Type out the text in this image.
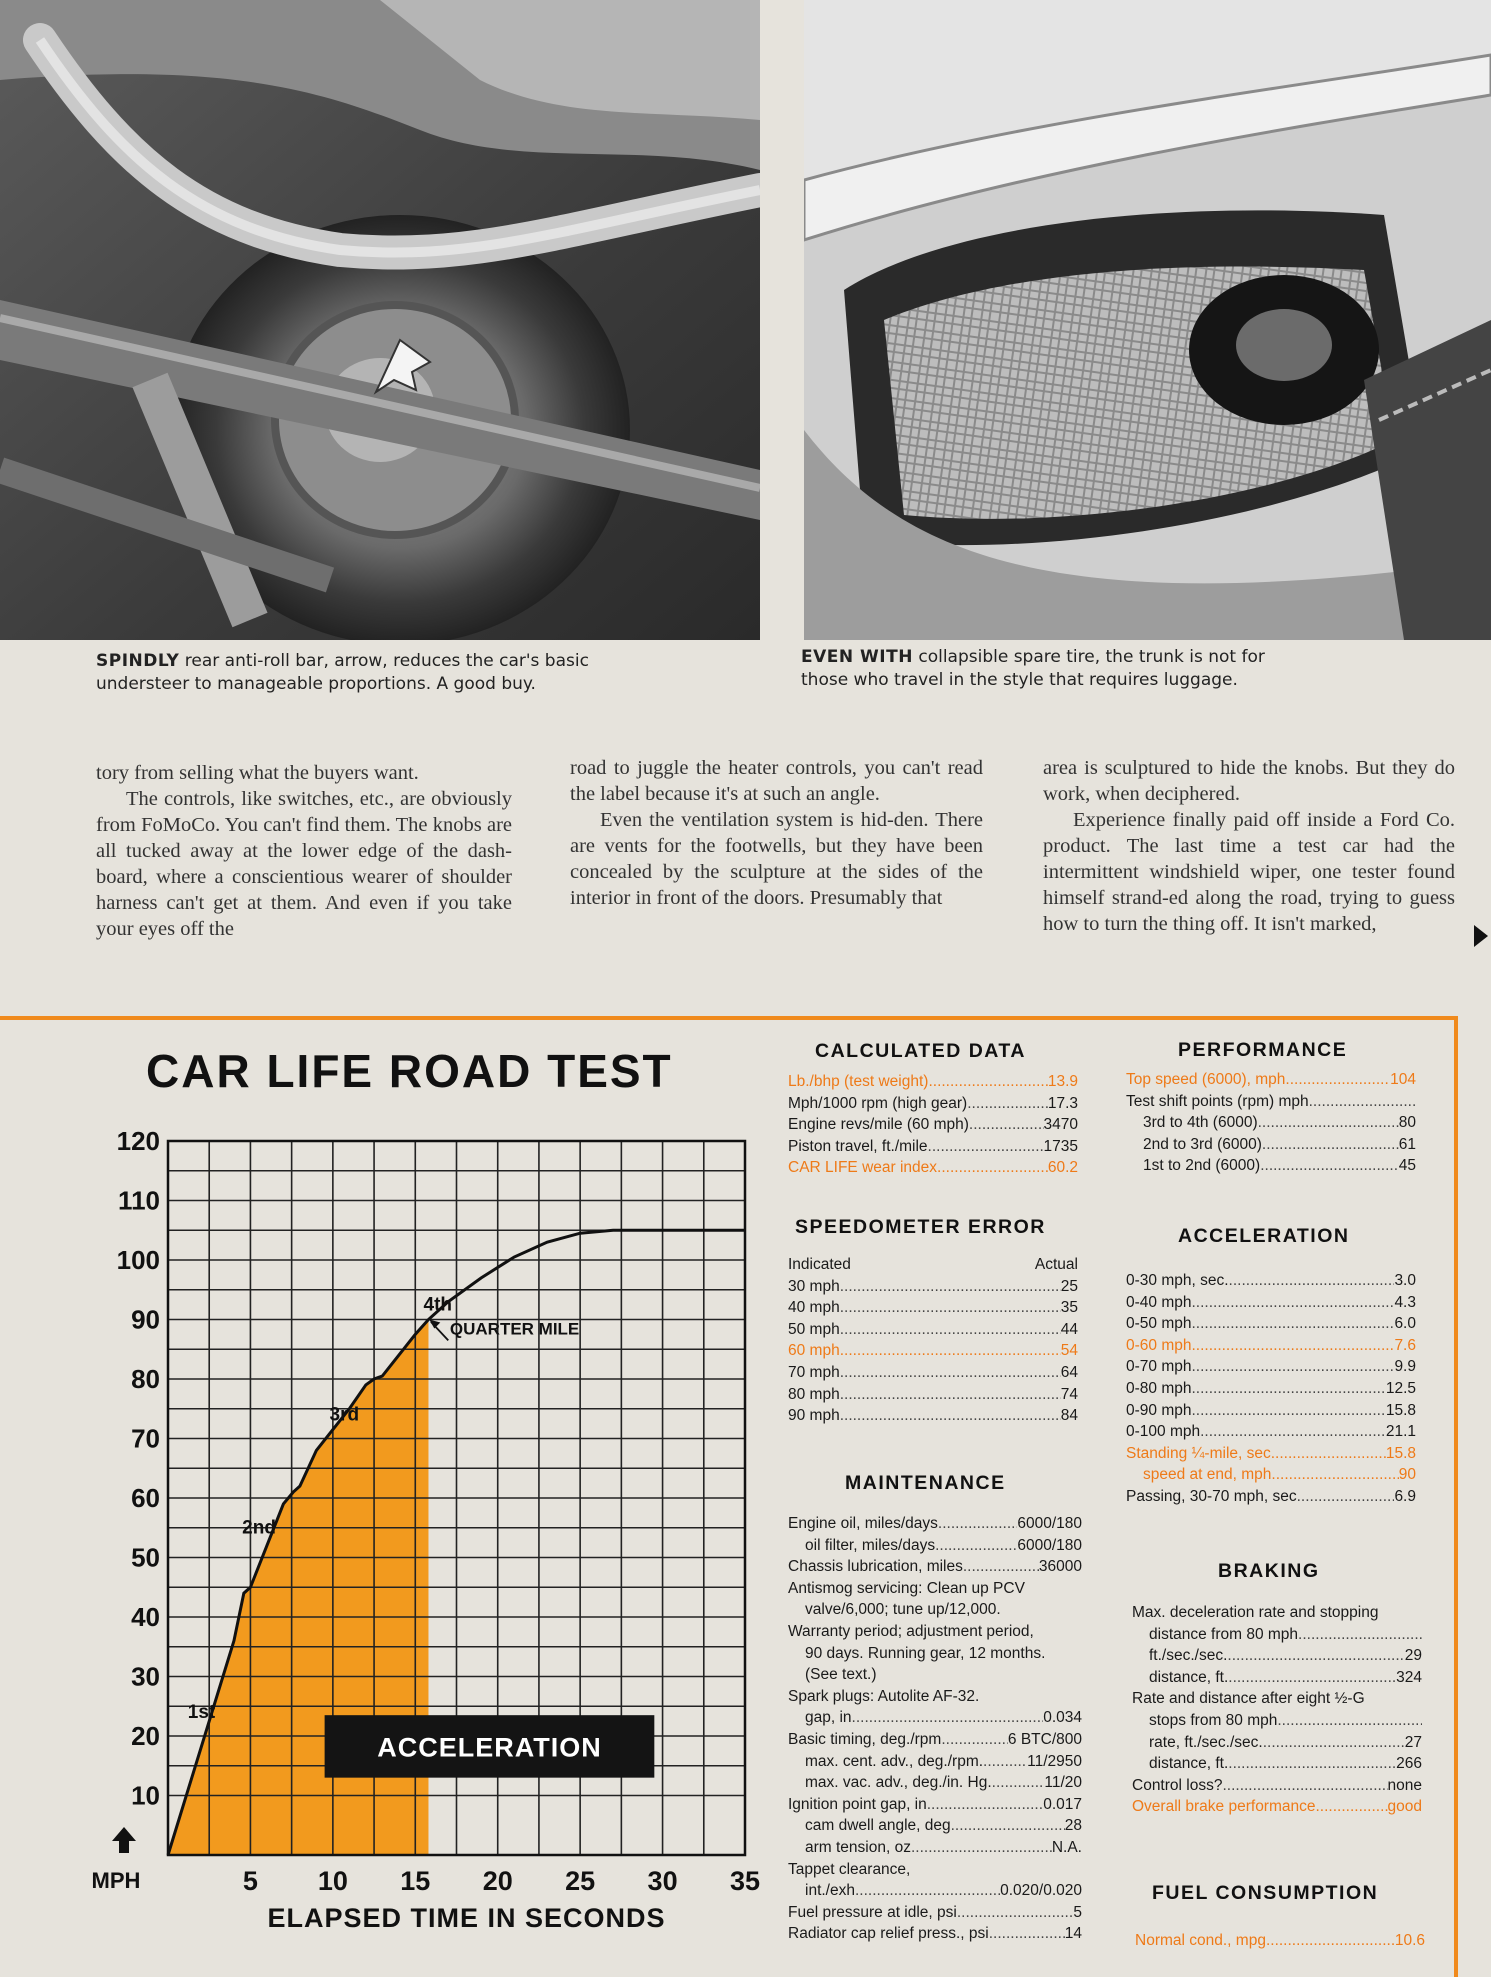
SPINDLY rear anti-roll bar, arrow, reduces the car's basic
understeer to manageable proportions. A good buy.
EVEN WITH collapsible spare tire, the trunk is not for
those who travel in the style that requires luggage.

tory from selling what the buyers want.

The controls, like switches, etc., are obviously from FoMoCo. You can't find them. The knobs are all tucked away at the lower edge of the dash-board, where a conscientious wearer of shoulder harness can't get at them. And even if you take your eyes off the

road to juggle the heater controls, you can't read the label because it's at such an angle.

Even the ventilation system is hid-den. There are vents for the footwells, but they have been concealed by the sculpture at the sides of the interior in front of the doors. Presumably that

area is sculptured to hide the knobs. But they do work, when deciphered.

Experience finally paid off inside a Ford Co. product. The last time a test car had the intermittent windshield wiper, one tester found himself strand-ed along the road, trying to guess how to turn the thing off. It isn't marked,

CAR LIFE ROAD TEST
10
20
30
40
50
60
70
80
90
100
110
120
5 10 15 20 25 30 35
ELAPSED TIME IN SECONDS
MPH
1st
2nd
3rd
4th
QUARTER MILE
ACCELERATION
CALCULATED DATA
Lb./bhp (test weight) .....	13.9
Mph/1000 rpm (high gear) .....	17.3
Engine revs/mile (60 mph) .....	3470
Piston travel, ft./mile .....	1735
CAR LIFE wear index .....	60.2
SPEEDOMETER ERROR
Indicated	Actual
30 mph .....	25
40 mph .....	35
50 mph .....	44
60 mph .....	54
70 mph .....	64
80 mph .....	74
90 mph .....	84
MAINTENANCE
Engine oil, miles/days .....	6000/180
oil filter, miles/days .....	6000/180
Chassis lubrication, miles .....	36000
Antismog servicing: Clean up PCV
valve/6,000; tune up/12,000.
Warranty period; adjustment period,
90 days. Running gear, 12 months.
(See text.)
Spark plugs: Autolite AF-32.
gap, in .....	0.034
Basic timing, deg./rpm .....	6 BTC/800
max. cent. adv., deg./rpm. .....	11/2950
max. vac. adv., deg./in. Hg. .....	11/20
Ignition point gap, in .....	0.017
cam dwell angle, deg .....	28
arm tension, oz .....	N.A.
Tappet clearance,
int./exh .....	0.020/0.020
Fuel pressure at idle, psi .....	5
Radiator cap relief press., psi .....	14
PERFORMANCE
Top speed (6000), mph .....	104
Test shift points (rpm) mph
.....
3rd to 4th (6000) .....	80
2nd to 3rd (6000) .....	61
1st to 2nd (6000) .....	45
ACCELERATION
0-30 mph, sec. .....	3.0
0-40 mph .....	4.3
0-50 mph .....	6.0
0-60 mph .....	7.6
0-70 mph .....	9.9
0-80 mph .....	12.5
0-90 mph .....	15.8
0-100 mph .....	21.1
Standing ¼-mile, sec. .....	15.8
speed at end, mph .....	90
Passing, 30-70 mph, sec .....	6.9
BRAKING
Max. deceleration rate and stopping
distance from 80 mph
.....
ft./sec./sec. .....	29
distance, ft. .....	324
Rate and distance after eight ½-G
stops from 80 mph
.....
rate, ft./sec./sec. .....	27
distance, ft. .....	266
Control loss? .....	none
Overall brake performance .....	good
FUEL CONSUMPTION
Normal cond., mpg .....	10.6
